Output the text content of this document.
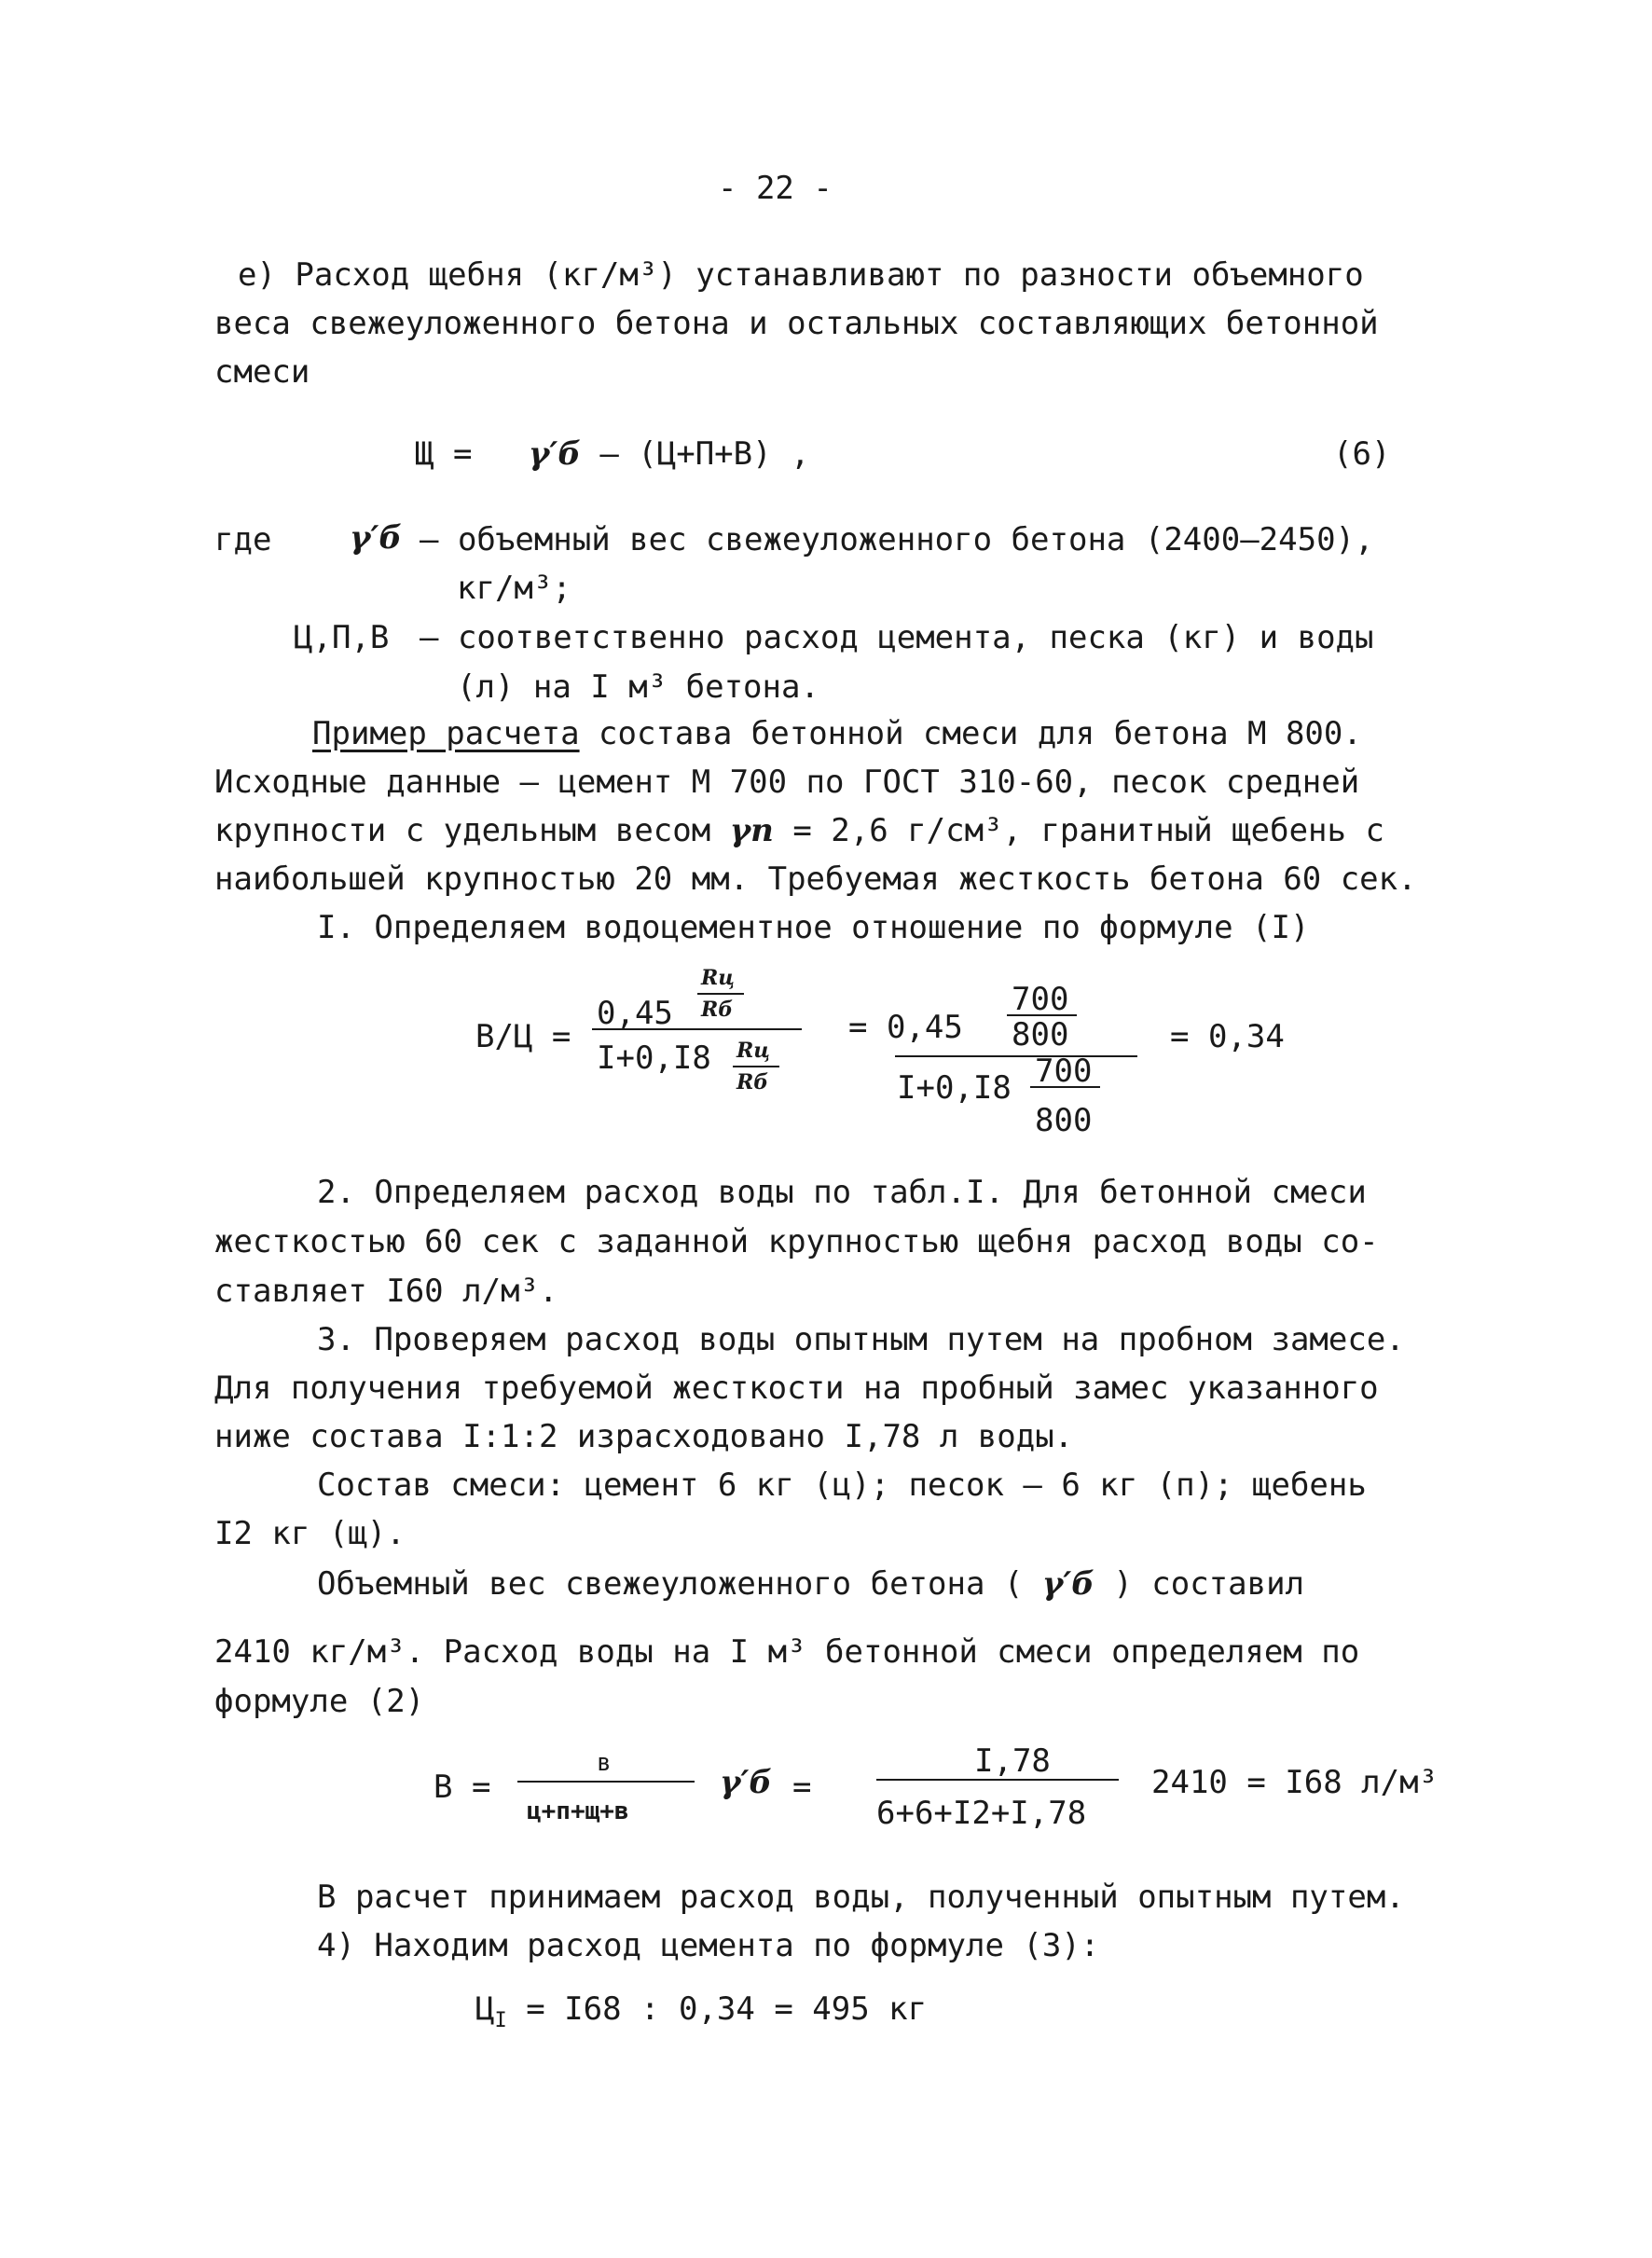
- 22 -
е) Расход щебня (кг/м³) устанавливают по разности объемного
веса свежеуложенного бетона и остальных составляющих бетонной
смеси
Щ = γ′б – (Ц+П+В) ,	(6)
где γ′б – объемный вес свежеуложенного бетона (2400–2450),
кг/м³;
Ц,П,В – соответственно расход цемента, песка (кг) и воды
(л) на I м³ бетона.
Пример расчета состава бетонной смеси для бетона М 800.
Исходные данные – цемент М 700 по ГОСТ 310-60, песок средней
крупности с удельным весом γп = 2,6 г/см³, гранитный щебень с
наибольшей крупностью 20 мм. Требуемая жесткость бетона 60 сек.
I. Определяем водоцементное отношение по формуле (I)
В/Ц =
Rц
0,45 Rб
I+0,I8 Rц
Rб
= 0,45
700
800
I+0,I8 700
800
= 0,34
2. Определяем расход воды по табл.I. Для бетонной смеси
жесткостью 60 сек с заданной крупностью щебня расход воды со-
ставляет I60 л/м³.
3. Проверяем расход воды опытным путем на пробном замесе.
Для получения требуемой жесткости на пробный замес указанного
ниже состава I:1:2 израсходовано I,78 л воды.
Состав смеси: цемент 6 кг (ц); песок – 6 кг (п); щебень
I2 кг (щ).
Объемный вес свежеуложенного бетона ( γ′б ) составил
2410 кг/м³. Расход воды на I м³ бетонной смеси определяем по
формуле (2)
В =
в
ц+п+щ+в
γ′б =
I,78
6+6+I2+I,78
2410 = I68 л/м³
В расчет принимаем расход воды, полученный опытным путем.
4) Находим расход цемента по формуле (3):
$Ц_I = I68$ : 0,34 = 495 кг
